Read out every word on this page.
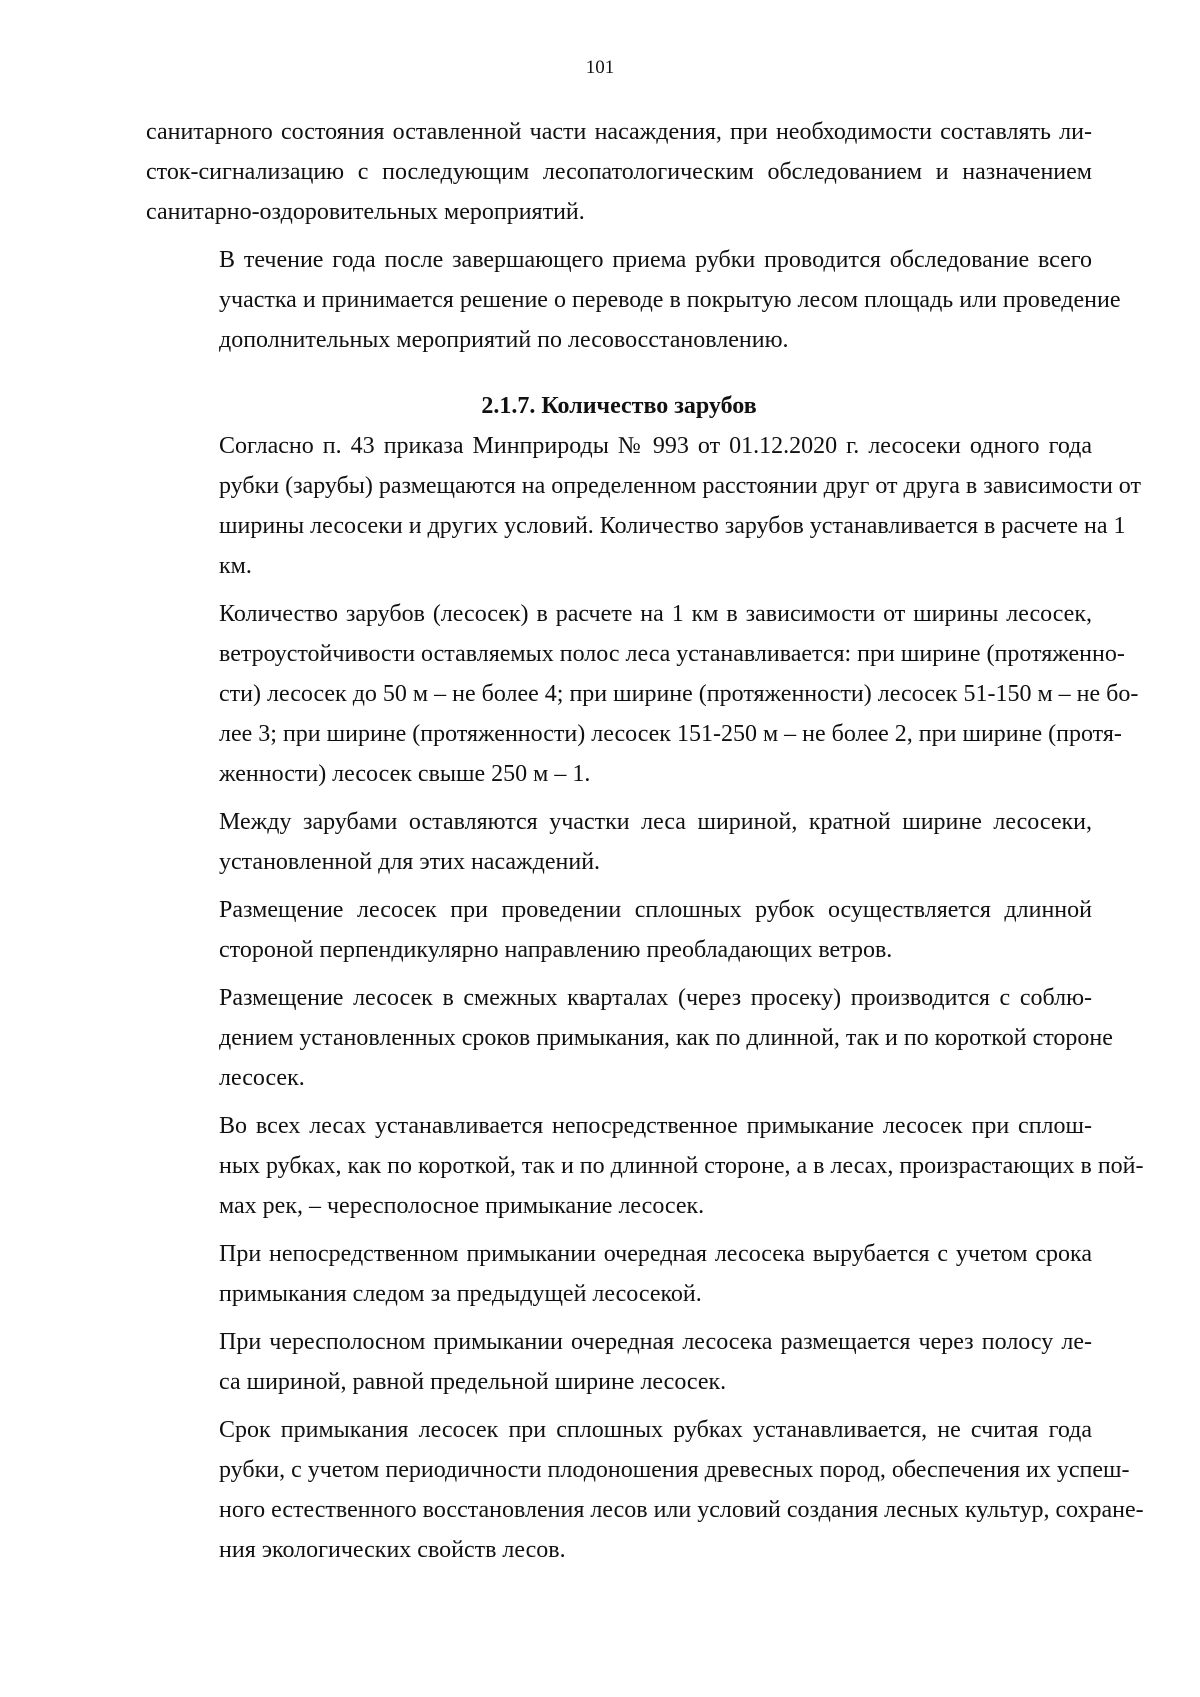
101

санитарного состояния оставленной части насаждения, при необходимости составлять ли-
сток-сигнализацию с последующим лесопатологическим обследованием и назначением
санитарно-оздоровительных мероприятий.

В течение года после завершающего приема рубки проводится обследование всего
участка и принимается решение о переводе в покрытую лесом площадь или проведение
дополнительных мероприятий по лесовосстановлению.

2.1.7. Количество зарубов

Согласно п. 43 приказа Минприроды № 993 от 01.12.2020 г. лесосеки одного года
рубки (зарубы) размещаются на определенном расстоянии друг от друга в зависимости от
ширины лесосеки и других условий. Количество зарубов устанавливается в расчете на 1
км.

Количество зарубов (лесосек) в расчете на 1 км в зависимости от ширины лесосек,
ветроустойчивости оставляемых полос леса устанавливается: при ширине (протяженно-
сти) лесосек до 50 м – не более 4; при ширине (протяженности) лесосек 51-150 м – не бо-
лее 3; при ширине (протяженности) лесосек 151-250 м – не более 2, при ширине (протя-
женности) лесосек свыше 250 м – 1.

Между зарубами оставляются участки леса шириной, кратной ширине лесосеки,
установленной для этих насаждений.

Размещение лесосек при проведении сплошных рубок осуществляется длинной
стороной перпендикулярно направлению преобладающих ветров.

Размещение лесосек в смежных кварталах (через просеку) производится с соблю-
дением установленных сроков примыкания, как по длинной, так и по короткой стороне
лесосек.

Во всех лесах устанавливается непосредственное примыкание лесосек при сплош-
ных рубках, как по короткой, так и по длинной стороне, а в лесах, произрастающих в пой-
мах рек, – чересполосное примыкание лесосек.

При непосредственном примыкании очередная лесосека вырубается с учетом срока
примыкания следом за предыдущей лесосекой.

При чересполосном примыкании очередная лесосека размещается через полосу ле-
са шириной, равной предельной ширине лесосек.

Срок примыкания лесосек при сплошных рубках устанавливается, не считая года
рубки, с учетом периодичности плодоношения древесных пород, обеспечения их успеш-
ного естественного восстановления лесов или условий создания лесных культур, сохране-
ния экологических свойств лесов.
